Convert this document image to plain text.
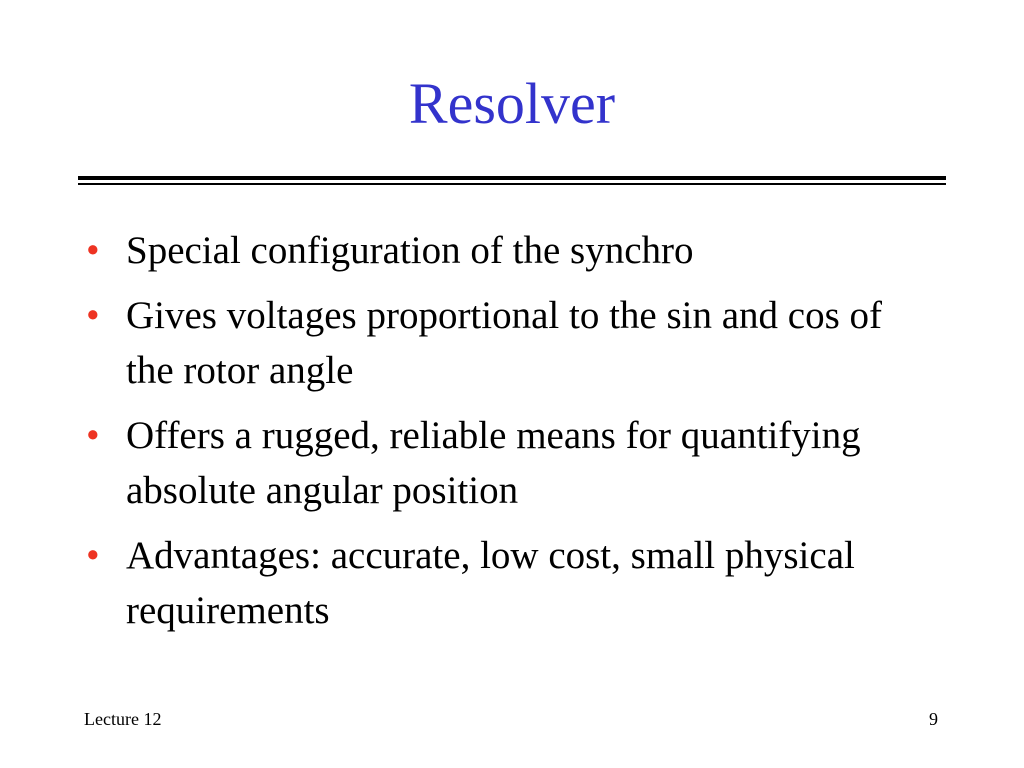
Resolver
• Special configuration of the synchro
• Gives voltages proportional to the sin and cos of the rotor angle
• Offers a rugged, reliable means for quantifying absolute angular position
• Advantages: accurate, low cost, small physical requirements
Lecture 12	9
